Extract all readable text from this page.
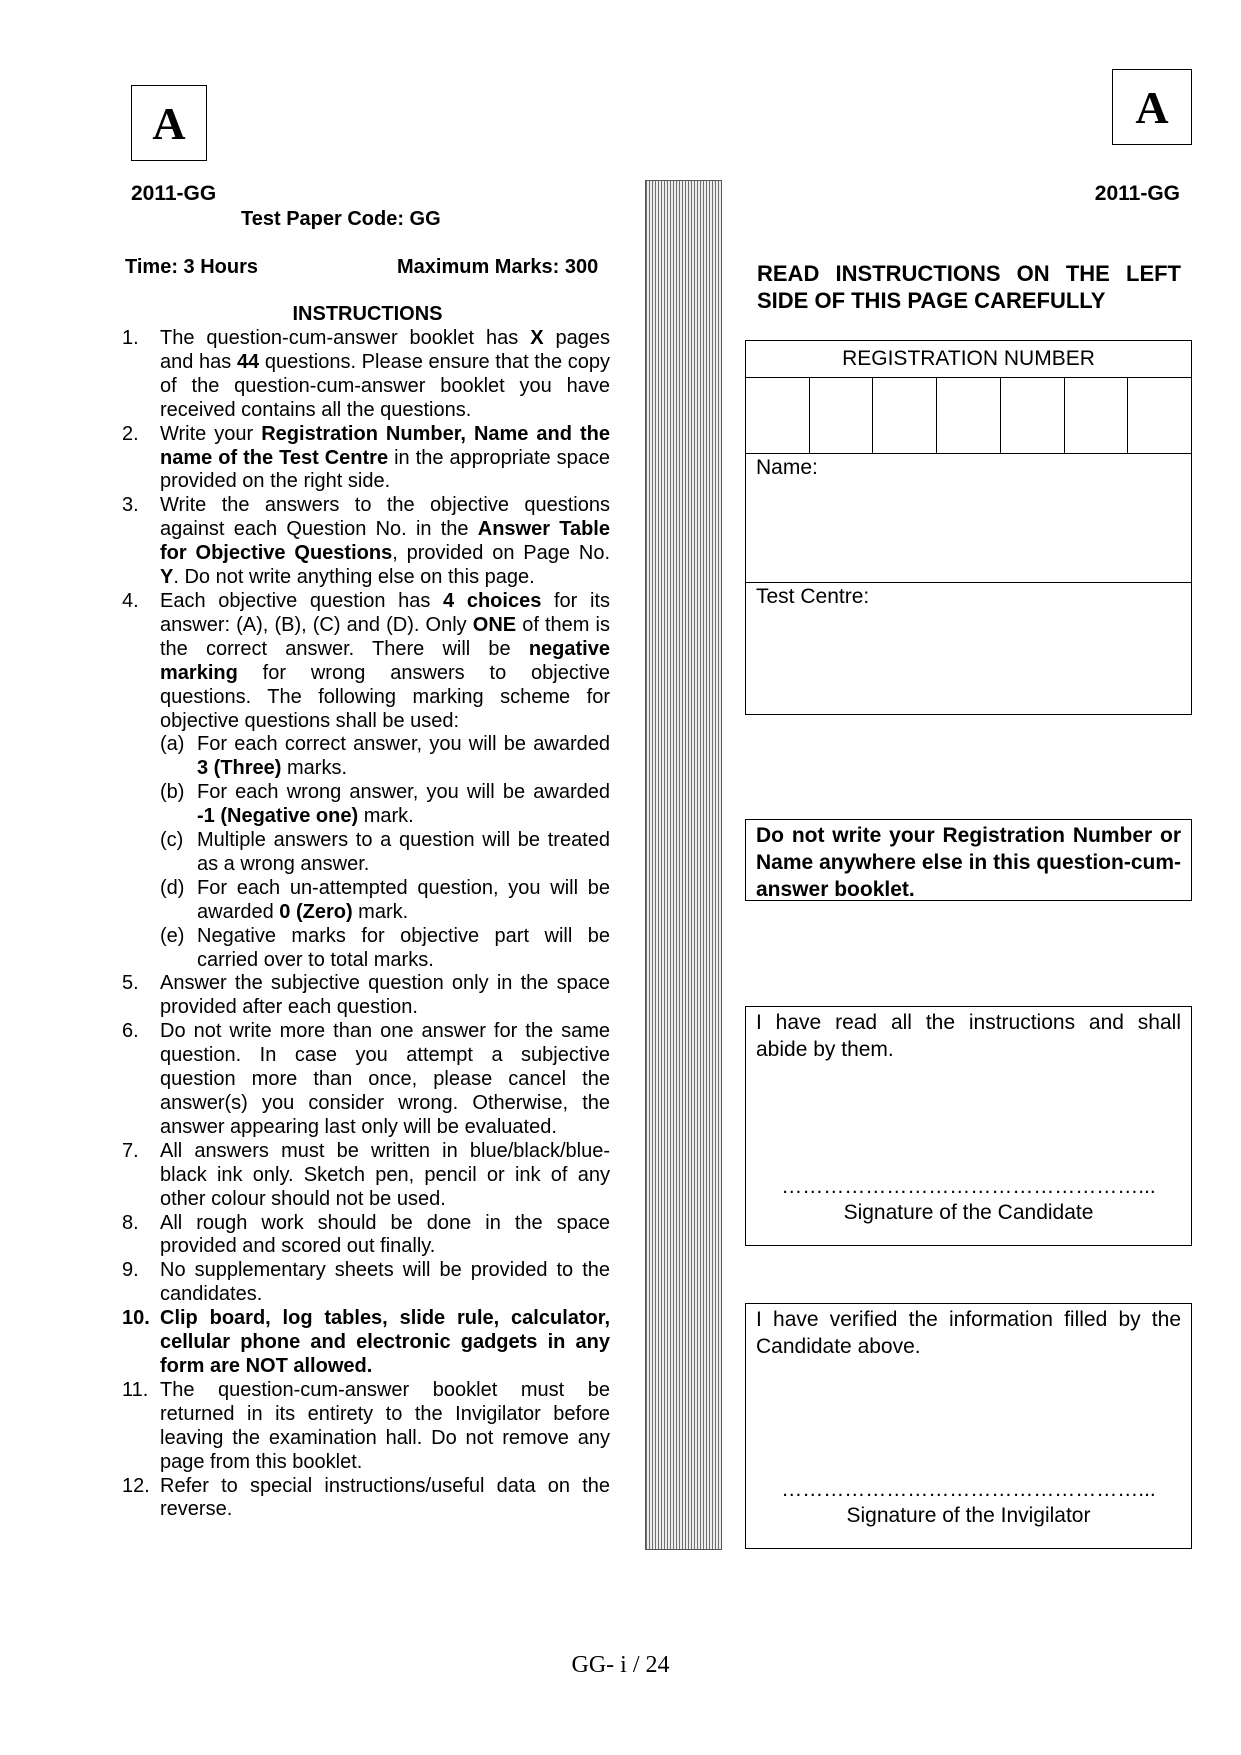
A	A
2011-GG	2011-GG
Test Paper Code: GG
Time: 3 Hours	Maximum Marks: 300
INSTRUCTIONS
1. The question-cum-answer booklet has X pages and has 44 questions. Please ensure that the copy of the question-cum-answer booklet you have received contains all the questions.
2. Write your Registration Number, Name and the name of the Test Centre in the appropriate space provided on the right side.
3. Write the answers to the objective questions against each Question No. in the Answer Table for Objective Questions, provided on Page No. Y. Do not write anything else on this page.
4. Each objective question has 4 choices for its answer: (A), (B), (C) and (D). Only ONE of them is the correct answer. There will be negative marking for wrong answers to objective questions. The following marking scheme for objective questions shall be used:
(a) For each correct answer, you will be awarded 3 (Three) marks.
(b) For each wrong answer, you will be awarded -1 (Negative one) mark.
(c) Multiple answers to a question will be treated as a wrong answer.
(d) For each un-attempted question, you will be awarded 0 (Zero) mark.
(e) Negative marks for objective part will be carried over to total marks.
5. Answer the subjective question only in the space provided after each question.
6. Do not write more than one answer for the same question. In case you attempt a subjective question more than once, please cancel the answer(s) you consider wrong. Otherwise, the answer appearing last only will be evaluated.
7. All answers must be written in blue/black/blue-black ink only. Sketch pen, pencil or ink of any other colour should not be used.
8. All rough work should be done in the space provided and scored out finally.
9. No supplementary sheets will be provided to the candidates.
10. Clip board, log tables, slide rule, calculator, cellular phone and electronic gadgets in any form are NOT allowed.
11. The question-cum-answer booklet must be returned in its entirety to the Invigilator before leaving the examination hall. Do not remove any page from this booklet.
12. Refer to special instructions/useful data on the reverse.
READ INSTRUCTIONS ON THE LEFT SIDE OF THIS PAGE CAREFULLY
REGISTRATION NUMBER
Name:
Test Centre:
Do not write your Registration Number or Name anywhere else in this question-cum-answer booklet.
I have read all the instructions and shall abide by them.
……………………………………………...
Signature of the Candidate
I have verified the information filled by the Candidate above.
……………………………………………...
Signature of the Invigilator
GG- i / 24
